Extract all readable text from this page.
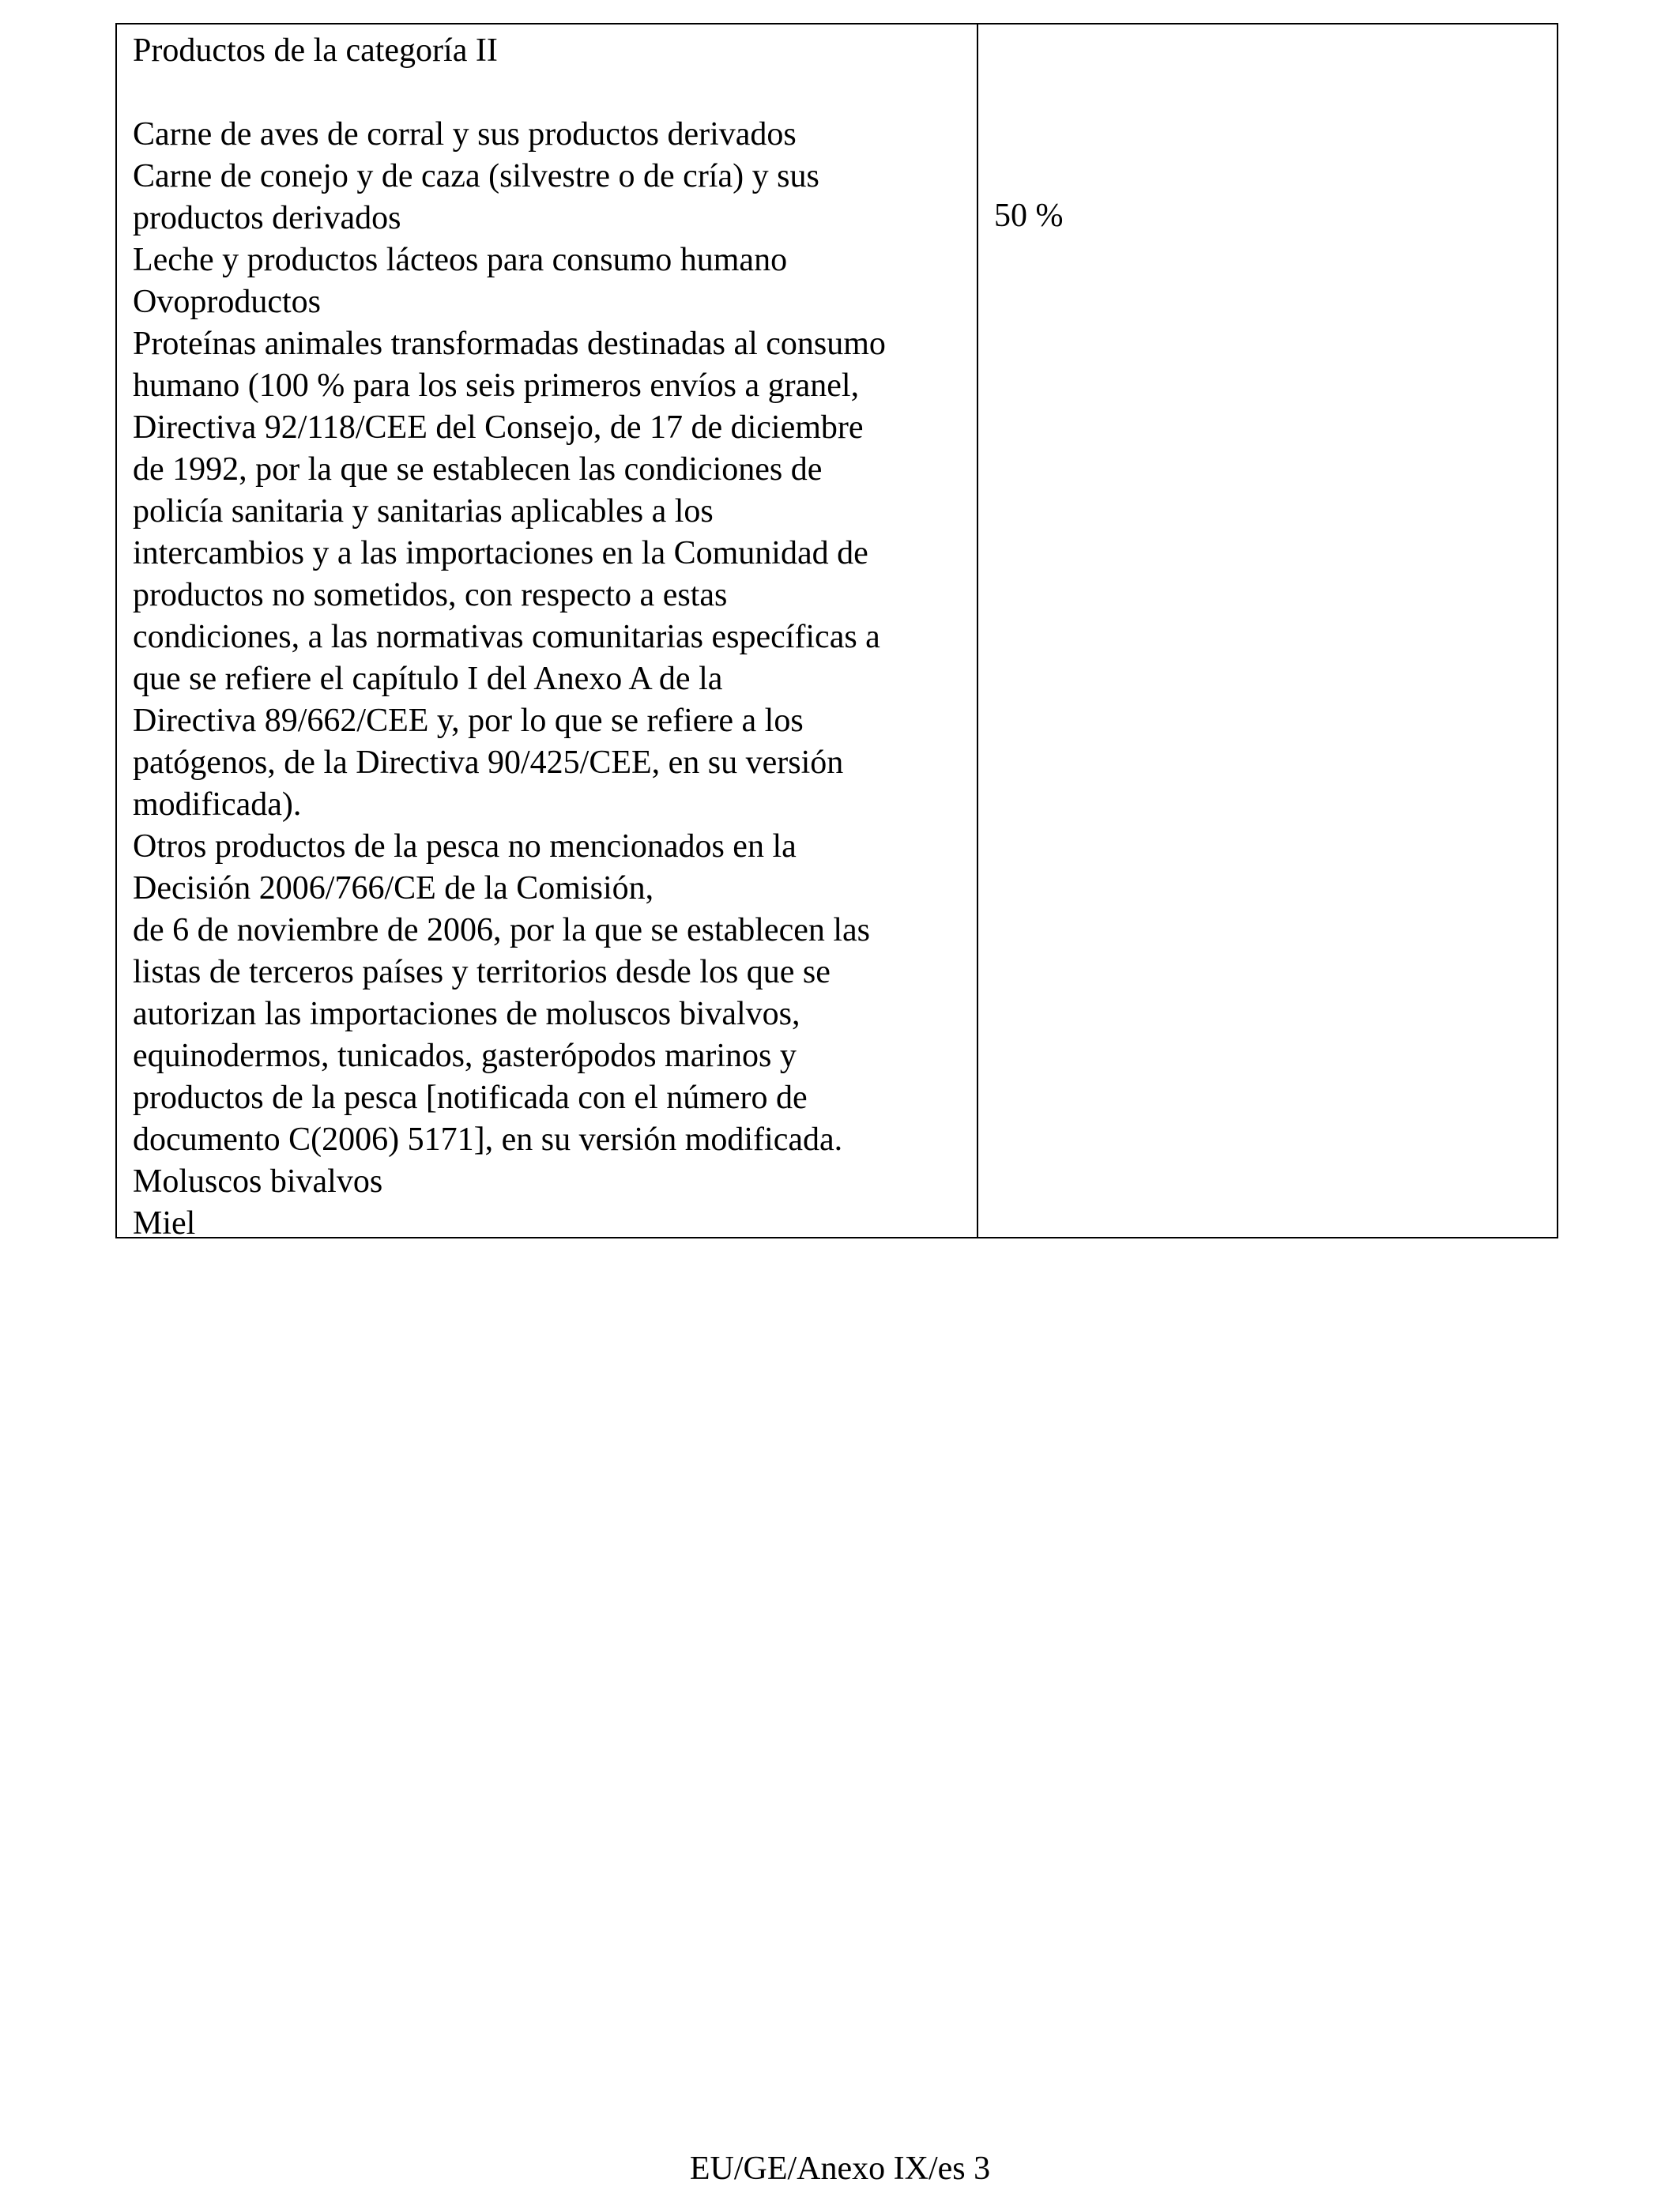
Productos de la categoría II
Carne de aves de corral y sus productos derivados
Carne de conejo y de caza (silvestre o de cría) y sus
productos derivados
Leche y productos lácteos para consumo humano
Ovoproductos
Proteínas animales transformadas destinadas al consumo
humano (100 % para los seis primeros envíos a granel,
Directiva 92/118/CEE del Consejo, de 17 de diciembre
de 1992, por la que se establecen las condiciones de
policía sanitaria y sanitarias aplicables a los
intercambios y a las importaciones en la Comunidad de
productos no sometidos, con respecto a estas
condiciones, a las normativas comunitarias específicas a
que se refiere el capítulo I del Anexo A de la
Directiva 89/662/CEE y, por lo que se refiere a los
patógenos, de la Directiva 90/425/CEE, en su versión
modificada).
Otros productos de la pesca no mencionados en la
Decisión 2006/766/CE de la Comisión,
de 6 de noviembre de 2006, por la que se establecen las
listas de terceros países y territorios desde los que se
autorizan las importaciones de moluscos bivalvos,
equinodermos, tunicados, gasterópodos marinos y
productos de la pesca [notificada con el número de
documento C(2006) 5171], en su versión modificada.
Moluscos bivalvos
Miel
50 %
EU/GE/Anexo IX/es 3
